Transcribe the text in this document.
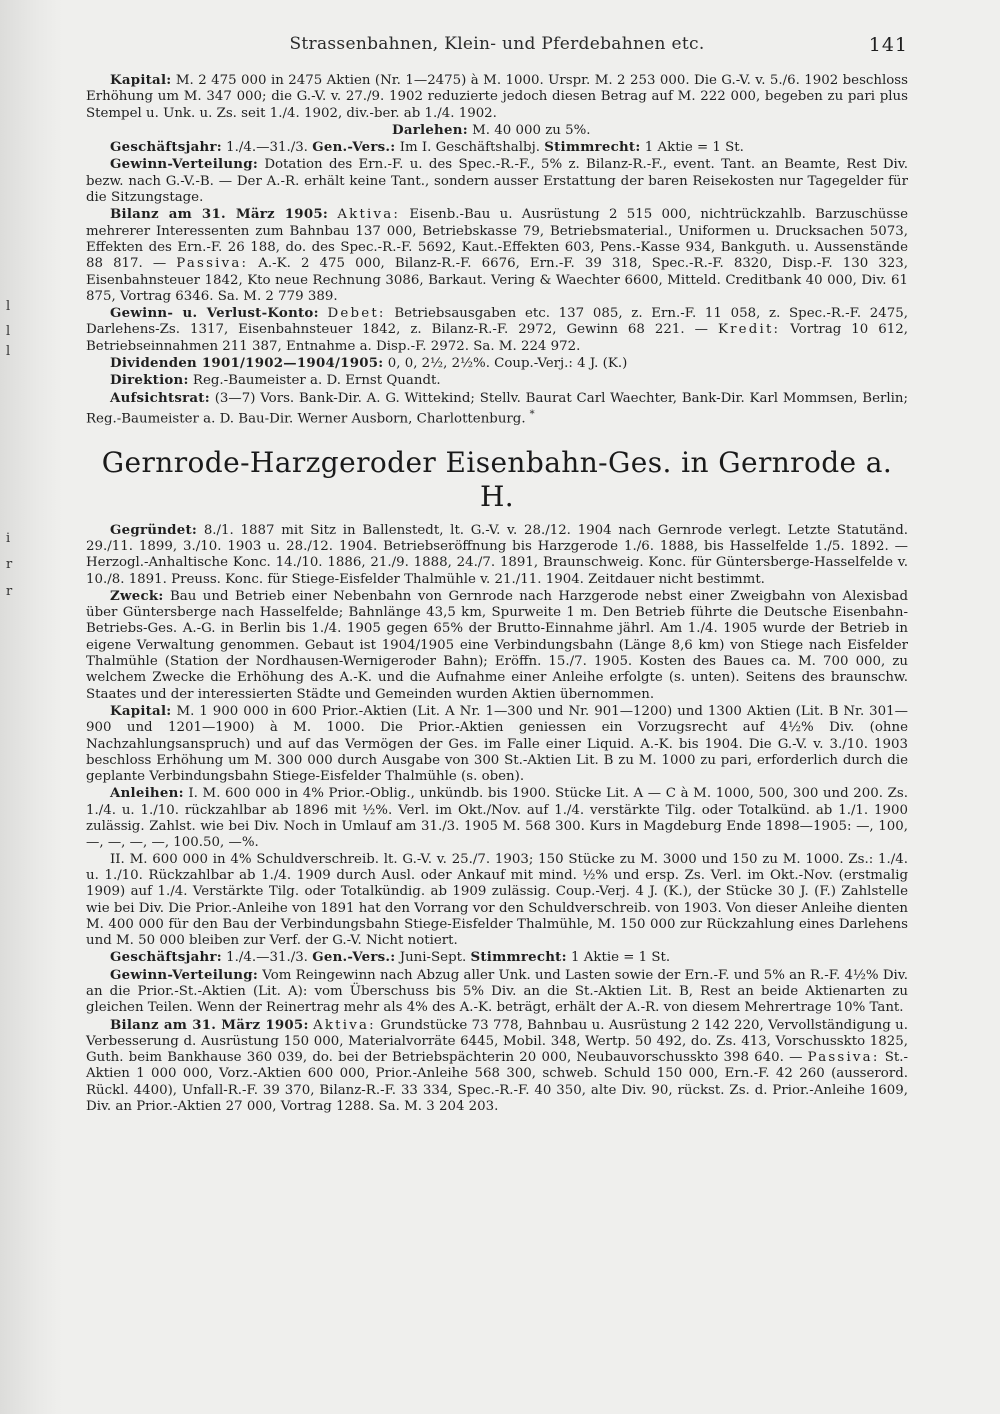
i
r
l
l
l
r
Strassenbahnen, Klein- und Pferdebahnen etc.	141

Kapital: M. 2 475 000 in 2475 Aktien (Nr. 1—2475) à M. 1000. Urspr. M. 2 253 000. Die G.-V. v. 5./6. 1902 beschloss Erhöhung um M. 347 000; die G.-V. v. 27./9. 1902 reduzierte jedoch diesen Betrag auf M. 222 000, begeben zu pari plus Stempel u. Unk. u. Zs. seit 1./4. 1902, div.-ber. ab 1./4. 1902.

Darlehen: M. 40 000 zu 5%.

Geschäftsjahr: 1./4.—31./3. Gen.-Vers.: Im I. Geschäftshalbj. Stimmrecht: 1 Aktie = 1 St.

Gewinn-Verteilung: Dotation des Ern.-F. u. des Spec.-R.-F., 5% z. Bilanz-R.-F., event. Tant. an Beamte, Rest Div. bezw. nach G.-V.-B. — Der A.-R. erhält keine Tant., sondern ausser Erstattung der baren Reisekosten nur Tagegelder für die Sitzungstage.

Bilanz am 31. März 1905: Aktiva: Eisenb.-Bau u. Ausrüstung 2 515 000, nichtrückzahlb. Barzuschüsse mehrerer Interessenten zum Bahnbau 137 000, Betriebskasse 79, Betriebsmaterial., Uniformen u. Drucksachen 5073, Effekten des Ern.-F. 26 188, do. des Spec.-R.-F. 5692, Kaut.-Effekten 603, Pens.-Kasse 934, Bankguth. u. Aussenstände 88 817. — Passiva: A.-K. 2 475 000, Bilanz-R.-F. 6676, Ern.-F. 39 318, Spec.-R.-F. 8320, Disp.-F. 130 323, Eisenbahnsteuer 1842, Kto neue Rechnung 3086, Barkaut. Vering & Waechter 6600, Mitteld. Creditbank 40 000, Div. 61 875, Vortrag 6346. Sa. M. 2 779 389.

Gewinn- u. Verlust-Konto: Debet: Betriebsausgaben etc. 137 085, z. Ern.-F. 11 058, z. Spec.-R.-F. 2475, Darlehens-Zs. 1317, Eisenbahnsteuer 1842, z. Bilanz-R.-F. 2972, Gewinn 68 221. — Kredit: Vortrag 10 612, Betriebseinnahmen 211 387, Entnahme a. Disp.-F. 2972. Sa. M. 224 972.

Dividenden 1901/1902—1904/1905: 0, 0, 2½, 2½%. Coup.-Verj.: 4 J. (K.)

Direktion: Reg.-Baumeister a. D. Ernst Quandt.

Aufsichtsrat: (3—7) Vors. Bank-Dir. A. G. Wittekind; Stellv. Baurat Carl Waechter, Bank-Dir. Karl Mommsen, Berlin; Reg.-Baumeister a. D. Bau-Dir. Werner Ausborn, Charlottenburg. *

Gernrode-Harzgeroder Eisenbahn-Ges. in Gernrode a. H.

Gegründet: 8./1. 1887 mit Sitz in Ballenstedt, lt. G.-V. v. 28./12. 1904 nach Gernrode verlegt. Letzte Statutänd. 29./11. 1899, 3./10. 1903 u. 28./12. 1904. Betriebseröffnung bis Harzgerode 1./6. 1888, bis Hasselfelde 1./5. 1892. — Herzogl.-Anhaltische Konc. 14./10. 1886, 21./9. 1888, 24./7. 1891, Braunschweig. Konc. für Güntersberge-Hasselfelde v. 10./8. 1891. Preuss. Konc. für Stiege-Eisfelder Thalmühle v. 21./11. 1904. Zeitdauer nicht bestimmt.

Zweck: Bau und Betrieb einer Nebenbahn von Gernrode nach Harzgerode nebst einer Zweigbahn von Alexisbad über Güntersberge nach Hasselfelde; Bahnlänge 43,5 km, Spurweite 1 m. Den Betrieb führte die Deutsche Eisenbahn-Betriebs-Ges. A.-G. in Berlin bis 1./4. 1905 gegen 65% der Brutto-Einnahme jährl. Am 1./4. 1905 wurde der Betrieb in eigene Verwaltung genommen. Gebaut ist 1904/1905 eine Verbindungsbahn (Länge 8,6 km) von Stiege nach Eisfelder Thalmühle (Station der Nordhausen-Wernigeroder Bahn); Eröffn. 15./7. 1905. Kosten des Baues ca. M. 700 000, zu welchem Zwecke die Erhöhung des A.-K. und die Aufnahme einer Anleihe erfolgte (s. unten). Seitens des braunschw. Staates und der interessierten Städte und Gemeinden wurden Aktien übernommen.

Kapital: M. 1 900 000 in 600 Prior.-Aktien (Lit. A Nr. 1—300 und Nr. 901—1200) und 1300 Aktien (Lit. B Nr. 301—900 und 1201—1900) à M. 1000. Die Prior.-Aktien geniessen ein Vorzugsrecht auf 4½% Div. (ohne Nachzahlungsanspruch) und auf das Vermögen der Ges. im Falle einer Liquid. A.-K. bis 1904. Die G.-V. v. 3./10. 1903 beschloss Erhöhung um M. 300 000 durch Ausgabe von 300 St.-Aktien Lit. B zu M. 1000 zu pari, erforderlich durch die geplante Verbindungsbahn Stiege-Eisfelder Thalmühle (s. oben).

Anleihen: I. M. 600 000 in 4% Prior.-Oblig., unkündb. bis 1900. Stücke Lit. A — C à M. 1000, 500, 300 und 200. Zs. 1./4. u. 1./10. rückzahlbar ab 1896 mit ½%. Verl. im Okt./Nov. auf 1./4. verstärkte Tilg. oder Totalkünd. ab 1./1. 1900 zulässig. Zahlst. wie bei Div. Noch in Umlauf am 31./3. 1905 M. 568 300. Kurs in Magdeburg Ende 1898—1905: —, 100, —, —, —, —, 100.50, —%.

II. M. 600 000 in 4% Schuldverschreib. lt. G.-V. v. 25./7. 1903; 150 Stücke zu M. 3000 und 150 zu M. 1000. Zs.: 1./4. u. 1./10. Rückzahlbar ab 1./4. 1909 durch Ausl. oder Ankauf mit mind. ½% und ersp. Zs. Verl. im Okt.-Nov. (erstmalig 1909) auf 1./4. Verstärkte Tilg. oder Totalkündig. ab 1909 zulässig. Coup.-Verj. 4 J. (K.), der Stücke 30 J. (F.) Zahlstelle wie bei Div. Die Prior.-Anleihe von 1891 hat den Vorrang vor den Schuldverschreib. von 1903. Von dieser Anleihe dienten M. 400 000 für den Bau der Verbindungsbahn Stiege-Eisfelder Thalmühle, M. 150 000 zur Rückzahlung eines Darlehens und M. 50 000 bleiben zur Verf. der G.-V. Nicht notiert.

Geschäftsjahr: 1./4.—31./3. Gen.-Vers.: Juni-Sept. Stimmrecht: 1 Aktie = 1 St.

Gewinn-Verteilung: Vom Reingewinn nach Abzug aller Unk. und Lasten sowie der Ern.-F. und 5% an R.-F. 4½% Div. an die Prior.-St.-Aktien (Lit. A): vom Überschuss bis 5% Div. an die St.-Aktien Lit. B, Rest an beide Aktienarten zu gleichen Teilen. Wenn der Reinertrag mehr als 4% des A.-K. beträgt, erhält der A.-R. von diesem Mehrertrage 10% Tant.

Bilanz am 31. März 1905: Aktiva: Grundstücke 73 778, Bahnbau u. Ausrüstung 2 142 220, Vervollständigung u. Verbesserung d. Ausrüstung 150 000, Materialvorräte 6445, Mobil. 348, Wertp. 50 492, do. Zs. 413, Vorschusskto 1825, Guth. beim Bankhause 360 039, do. bei der Betriebspächterin 20 000, Neubauvorschusskto 398 640. — Passiva: St.-Aktien 1 000 000, Vorz.-Aktien 600 000, Prior.-Anleihe 568 300, schweb. Schuld 150 000, Ern.-F. 42 260 (ausserord. Rückl. 4400), Unfall-R.-F. 39 370, Bilanz-R.-F. 33 334, Spec.-R.-F. 40 350, alte Div. 90, rückst. Zs. d. Prior.-Anleihe 1609, Div. an Prior.-Aktien 27 000, Vortrag 1288. Sa. M. 3 204 203.
